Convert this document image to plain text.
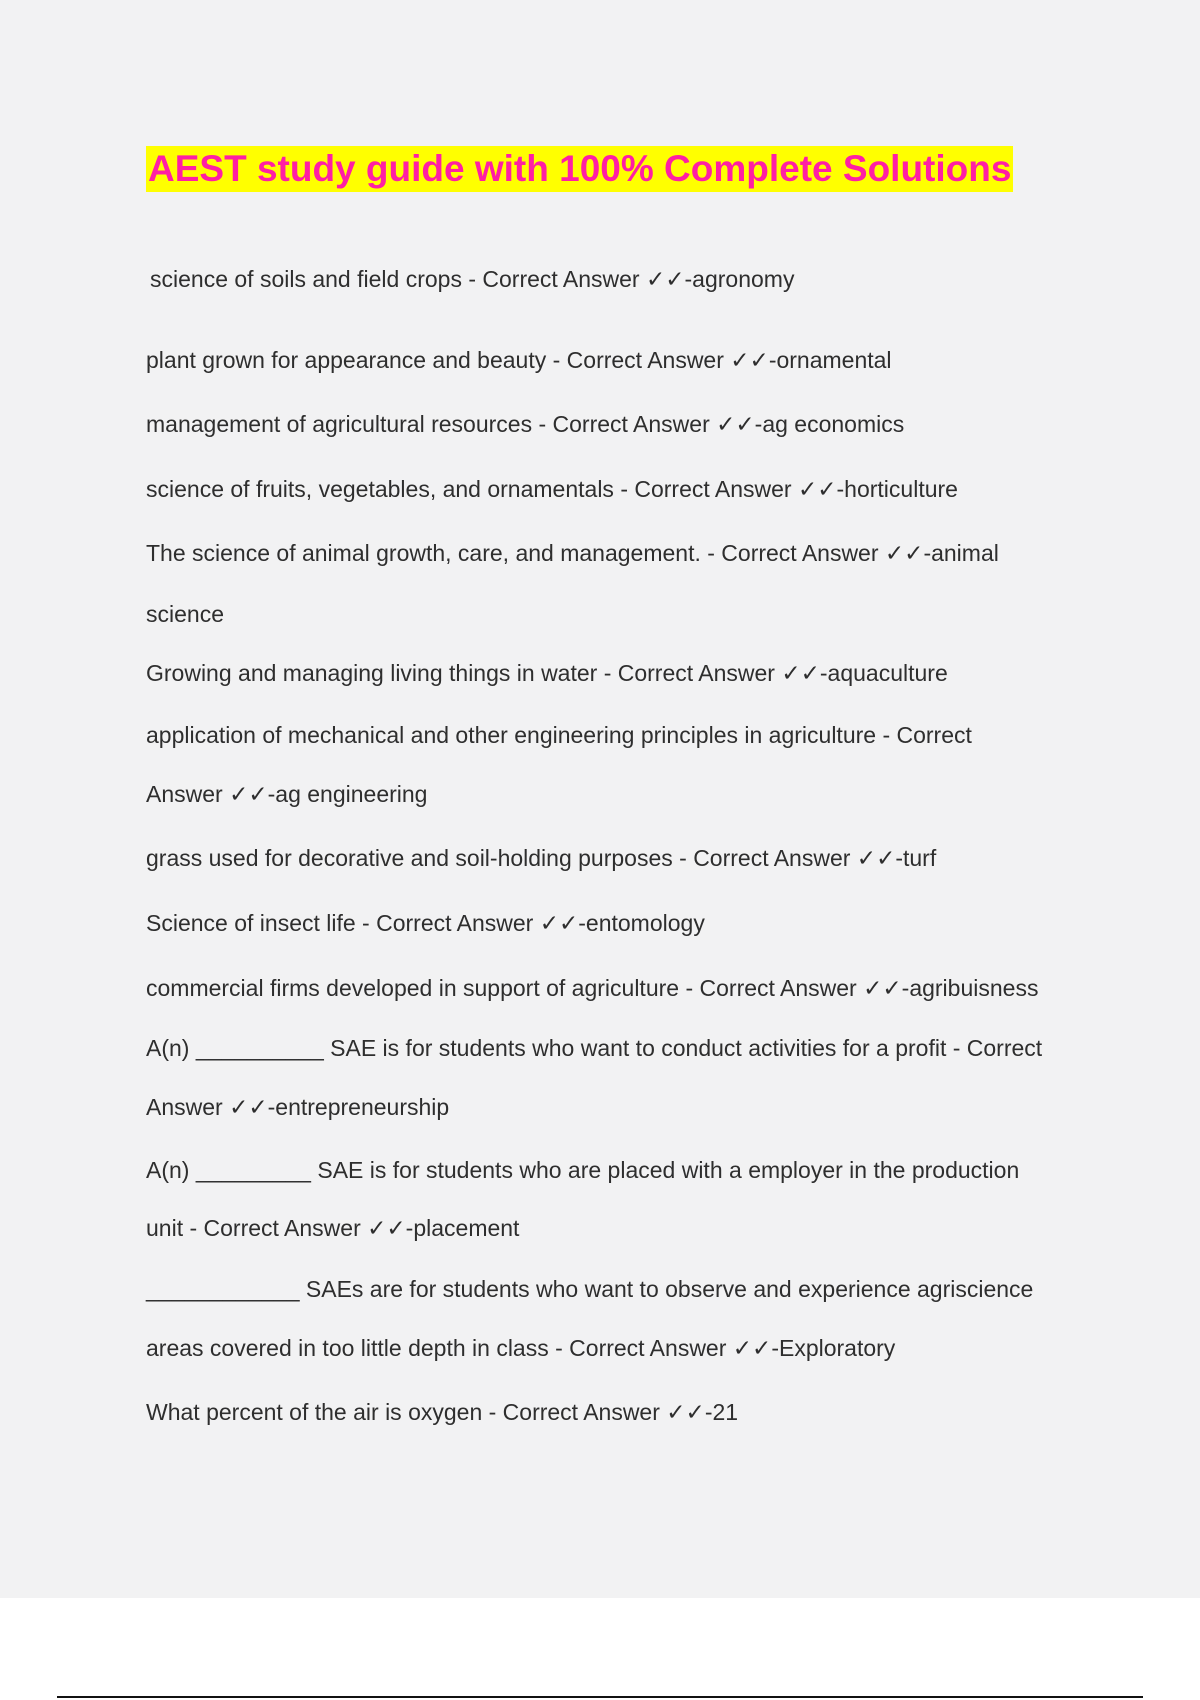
AEST study guide with 100% Complete Solutions
science of soils and field crops - Correct Answer ✓✓-agronomy
plant grown for appearance and beauty - Correct Answer ✓✓-ornamental
management of agricultural resources - Correct Answer ✓✓-ag economics
science of fruits, vegetables, and ornamentals - Correct Answer ✓✓-horticulture
The science of animal growth, care, and management. - Correct Answer ✓✓-animal
science
Growing and managing living things in water - Correct Answer ✓✓-aquaculture
application of mechanical and other engineering principles in agriculture - Correct
Answer ✓✓-ag engineering
grass used for decorative and soil-holding purposes - Correct Answer ✓✓-turf
Science of insect life - Correct Answer ✓✓-entomology
commercial firms developed in support of agriculture - Correct Answer ✓✓-agribuisness
A(n) __________ SAE is for students who want to conduct activities for a profit - Correct
Answer ✓✓-entrepreneurship
A(n) _________ SAE is for students who are placed with a employer in the production
unit - Correct Answer ✓✓-placement
____________ SAEs are for students who want to observe and experience agriscience
areas covered in too little depth in class - Correct Answer ✓✓-Exploratory
What percent of the air is oxygen - Correct Answer ✓✓-21
